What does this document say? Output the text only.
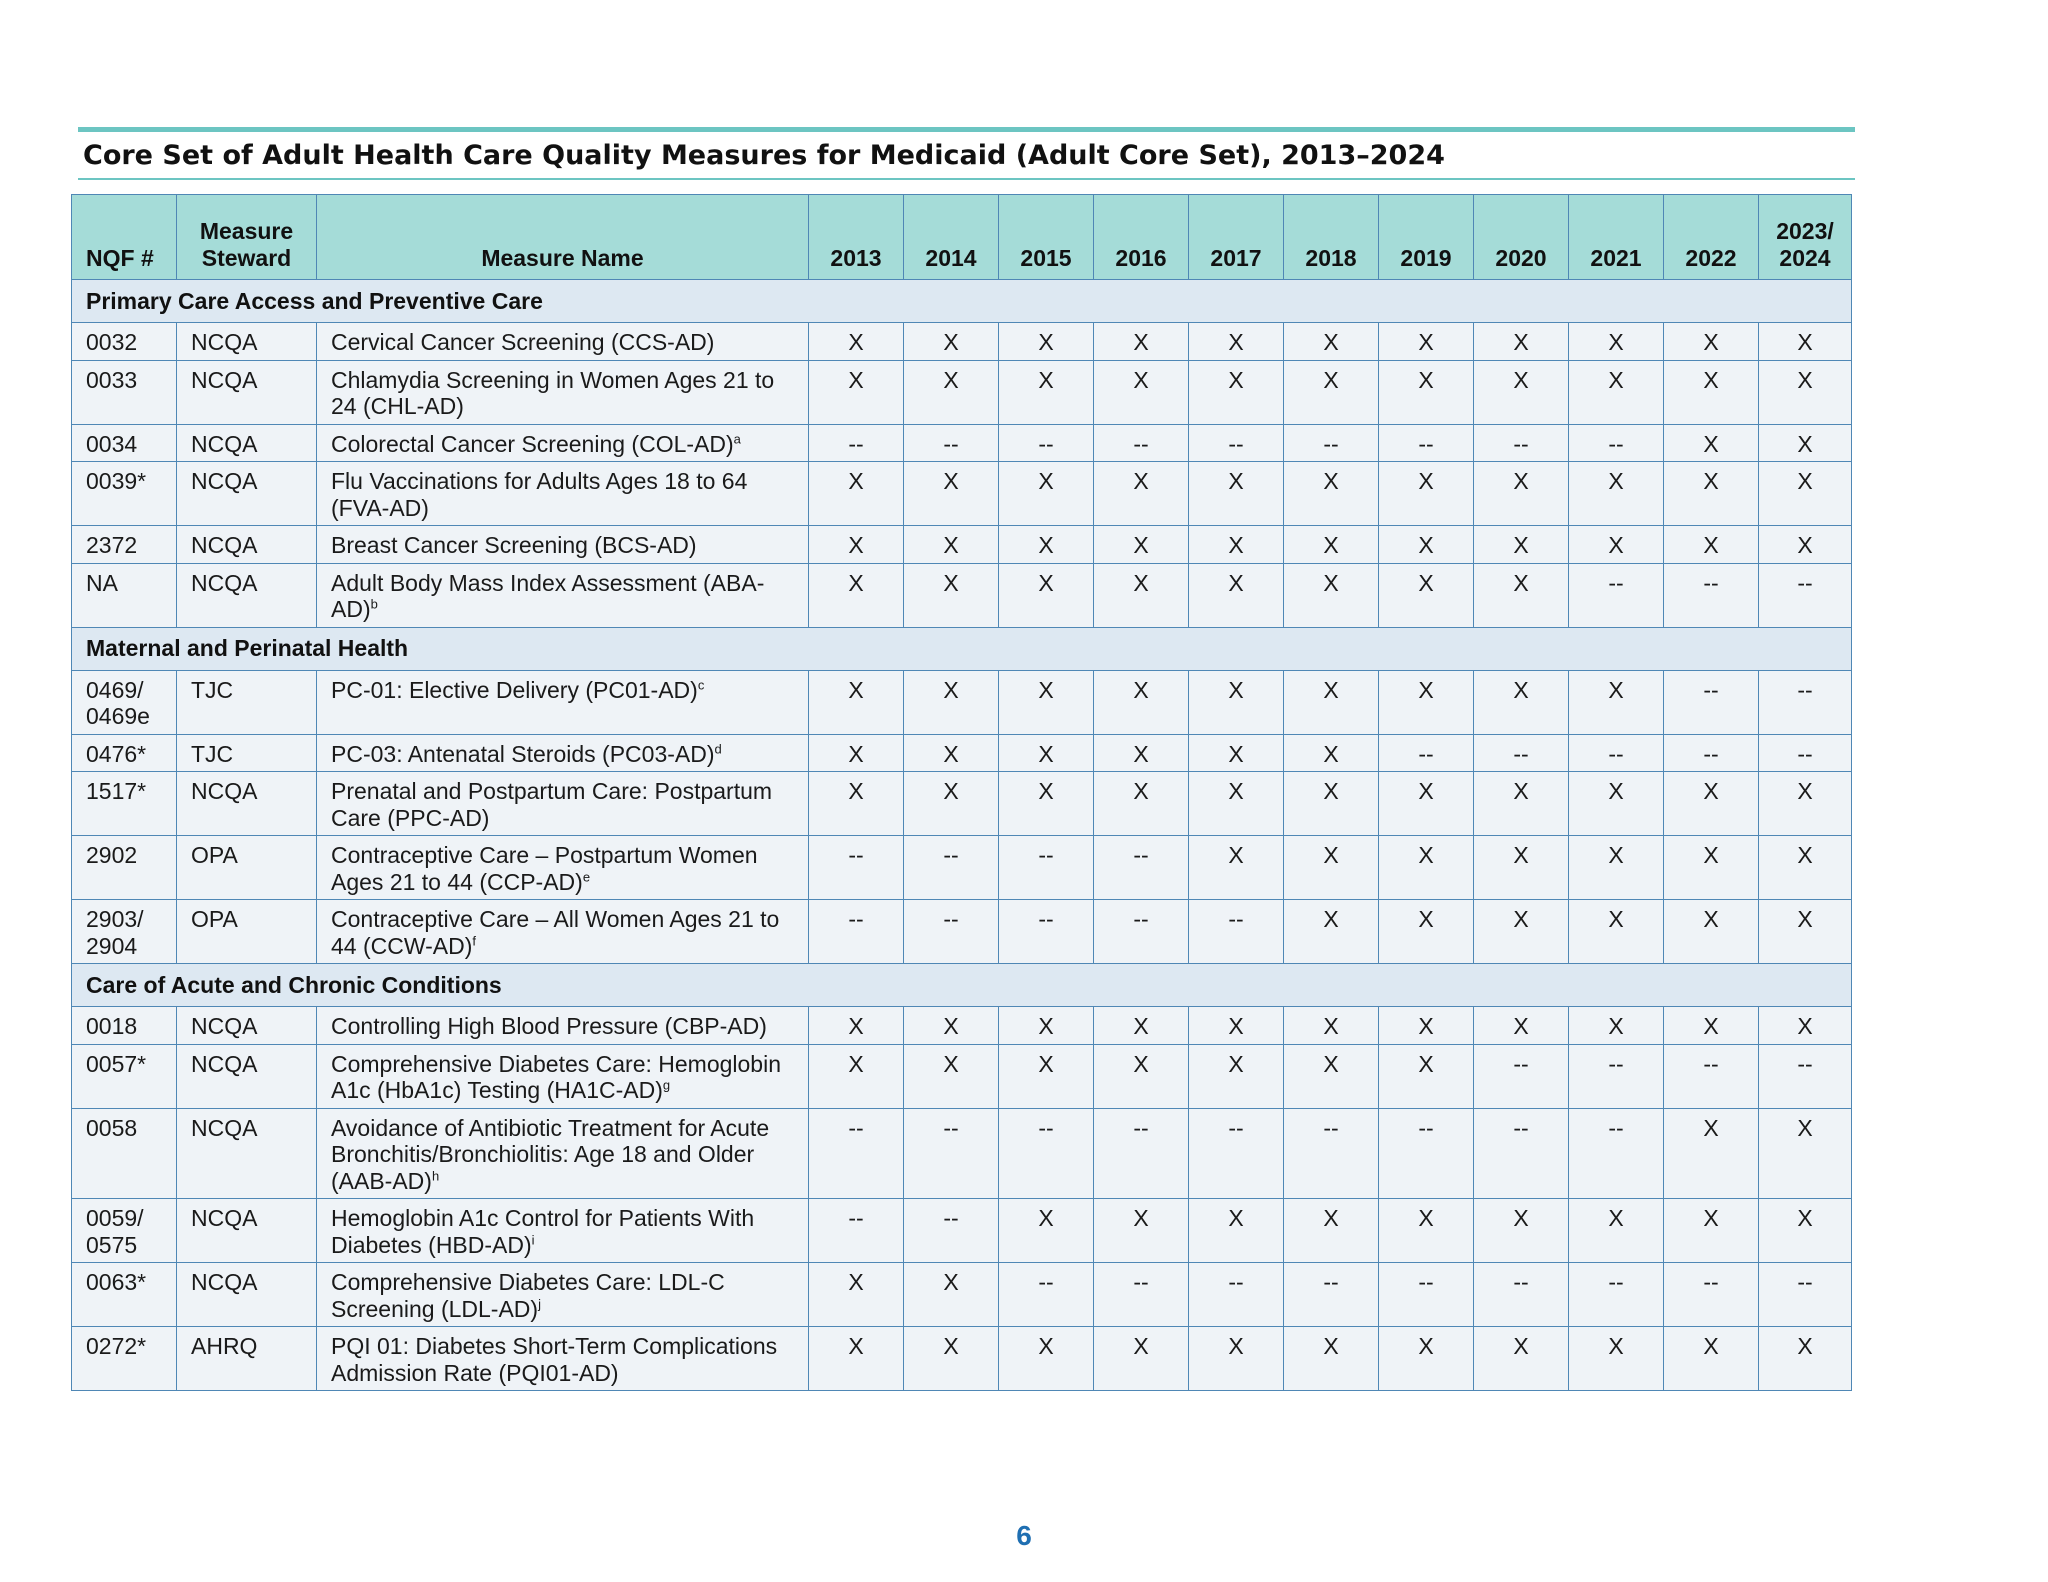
Core Set of Adult Health Care Quality Measures for Medicaid (Adult Core Set), 2013–2024
NQF #	Measure Steward	Measure Name	2013	2014	2015	2016	2017	2018	2019	2020	2021	2022	2023/ 2024
Primary Care Access and Preventive Care													
0032	NCQA	Cervical Cancer Screening (CCS-AD)	X	X	X	X	X	X	X	X	X	X	X
0033	NCQA	Chlamydia Screening in Women Ages 21 to 24 (CHL-AD)	X	X	X	X	X	X	X	X	X	X	X
0034	NCQA	Colorectal Cancer Screening $(COL-AD)^a$	--	--	--	--	--	--	--	--	--	X	X
0039*	NCQA	Flu Vaccinations for Adults Ages 18 to 64 (FVA-AD)	X	X	X	X	X	X	X	X	X	X	X
2372	NCQA	Breast Cancer Screening (BCS-AD)	X	X	X	X	X	X	X	X	X	X	X
NA	NCQA	Adult Body Mass Index Assessment $(ABA-AD)^b$	X	X	X	X	X	X	X	X	--	--	--
Maternal and Perinatal Health													
0469/ 0469e	TJC	PC-01: Elective Delivery $(PC01-AD)^c$	X	X	X	X	X	X	X	X	X	--	--
0476*	TJC	PC-03: Antenatal Steroids $(PC03-AD)^d$	X	X	X	X	X	X	--	--	--	--	--
1517*	NCQA	Prenatal and Postpartum Care: Postpartum Care (PPC-AD)	X	X	X	X	X	X	X	X	X	X	X
2902	OPA	Contraceptive Care – Postpartum Women Ages 21 to 44 $(CCP-AD)^e$	--	--	--	--	X	X	X	X	X	X	X
2903/ 2904	OPA	Contraceptive Care – All Women Ages 21 to 44 $(CCW-AD)^f$	--	--	--	--	--	X	X	X	X	X	X
Care of Acute and Chronic Conditions													
0018	NCQA	Controlling High Blood Pressure (CBP-AD)	X	X	X	X	X	X	X	X	X	X	X
0057*	NCQA	Comprehensive Diabetes Care: Hemoglobin A1c (HbA1c) Testing $(HA1C-AD)^g$	X	X	X	X	X	X	X	--	--	--	--
0058	NCQA	Avoidance of Antibiotic Treatment for Acute Bronchitis/Bronchiolitis: Age 18 and Older $(AAB-AD)^h$	--	--	--	--	--	--	--	--	--	X	X
0059/ 0575	NCQA	Hemoglobin A1c Control for Patients With Diabetes $(HBD-AD)^i$	--	--	X	X	X	X	X	X	X	X	X
0063*	NCQA	Comprehensive Diabetes Care: LDL-C Screening $(LDL-AD)^j$	X	X	--	--	--	--	--	--	--	--	--
0272*	AHRQ	PQI 01: Diabetes Short-Term Complications Admission Rate (PQI01-AD)	X	X	X	X	X	X	X	X	X	X	X
6
